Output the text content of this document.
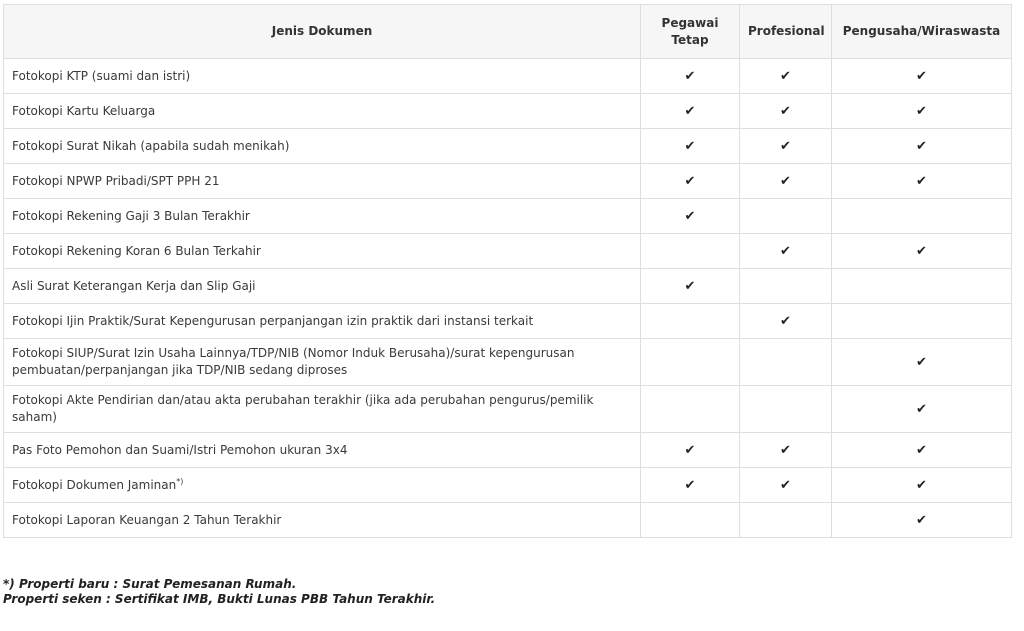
Jenis Dokumen	Pegawai Tetap	Profesional	Pengusaha/Wiraswasta
Fotokopi KTP (suami dan istri)	✔	✔	✔
Fotokopi Kartu Keluarga	✔	✔	✔
Fotokopi Surat Nikah (apabila sudah menikah)	✔	✔	✔
Fotokopi NPWP Pribadi/SPT PPH 21	✔	✔	✔
Fotokopi Rekening Gaji 3 Bulan Terakhir	✔		
Fotokopi Rekening Koran 6 Bulan Terkahir		✔	✔
Asli Surat Keterangan Kerja dan Slip Gaji	✔		
Fotokopi Ijin Praktik/Surat Kepengurusan perpanjangan izin praktik dari instansi terkait		✔	
Fotokopi SIUP/Surat Izin Usaha Lainnya/TDP/NIB (Nomor Induk Berusaha)/surat kepengurusan pembuatan/perpanjangan jika TDP/NIB sedang diproses			✔
Fotokopi Akte Pendirian dan/atau akta perubahan terakhir (jika ada perubahan pengurus/pemilik saham)			✔
Pas Foto Pemohon dan Suami/Istri Pemohon ukuran 3x4	✔	✔	✔
Fotokopi Dokumen Jaminan*)	✔	✔	✔
Fotokopi Laporan Keuangan 2 Tahun Terakhir			✔
*) Properti baru : Surat Pemesanan Rumah.
Properti seken : Sertifikat IMB, Bukti Lunas PBB Tahun Terakhir.
